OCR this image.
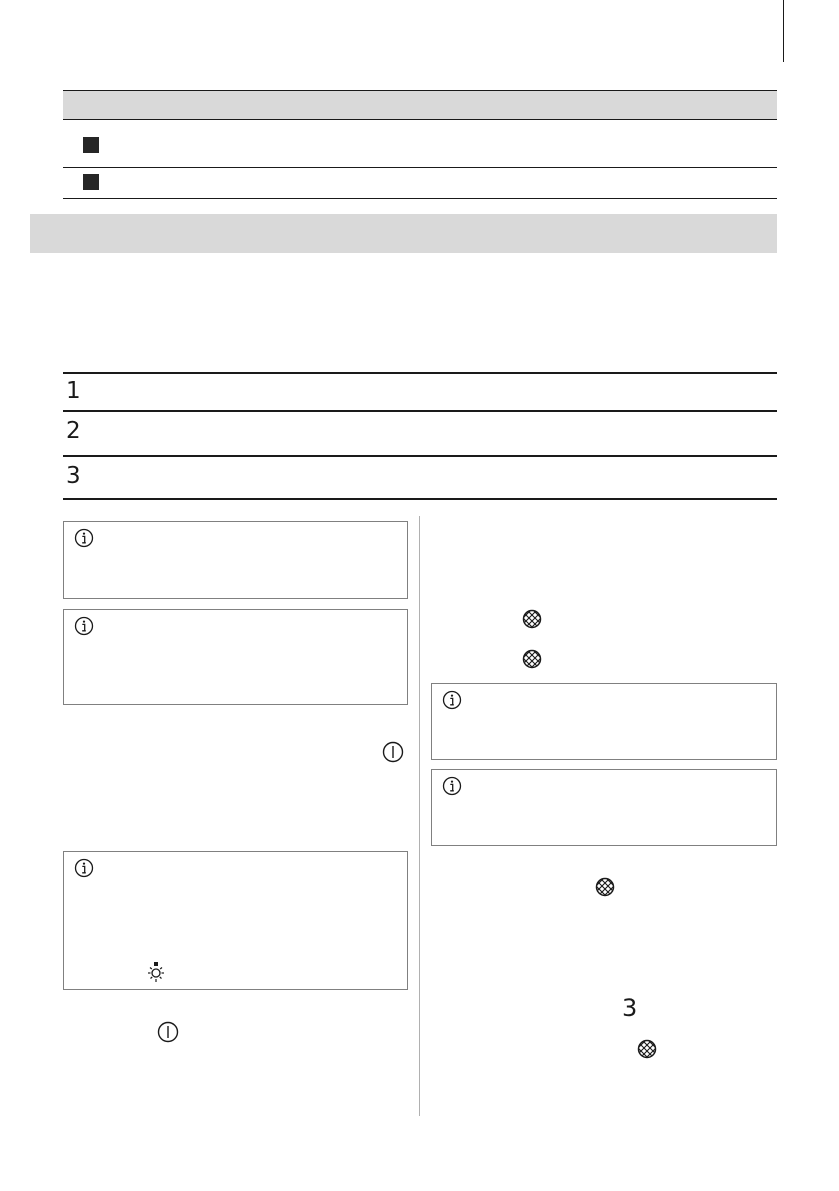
1
2
3
3
